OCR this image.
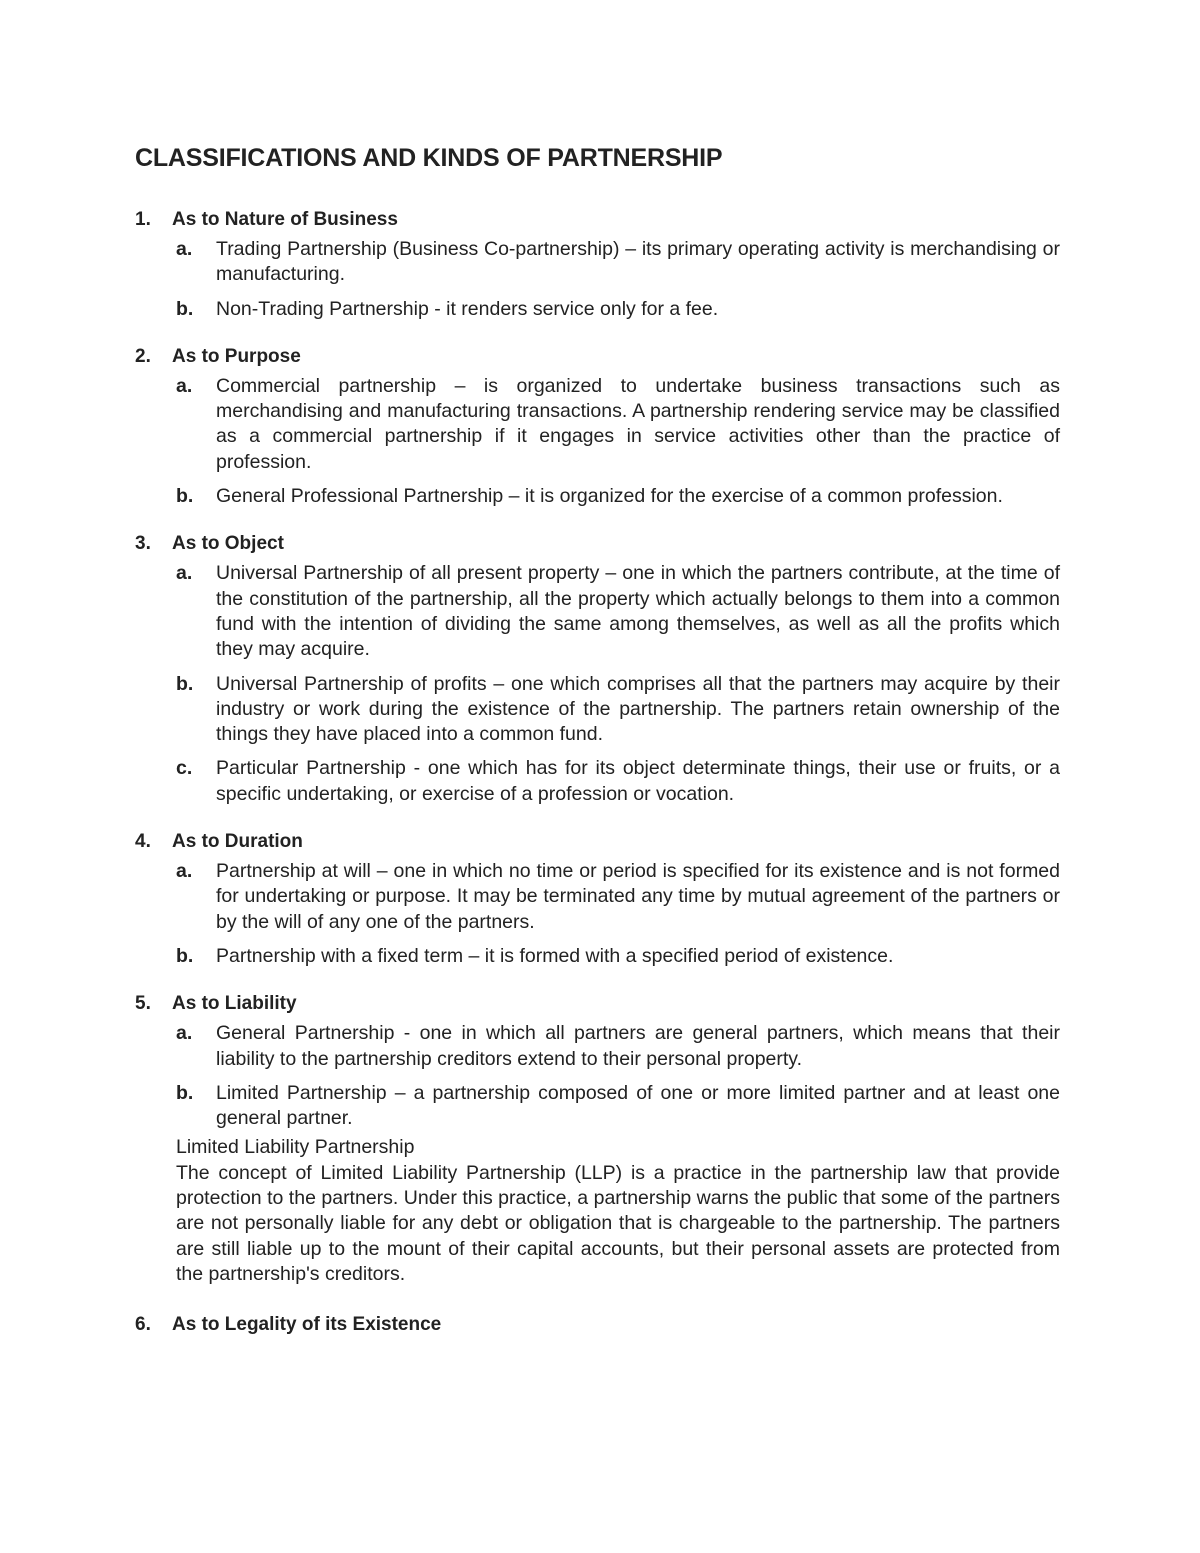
CLASSIFICATIONS AND KINDS OF PARTNERSHIP
1.	As to Nature of Business
a.	Trading Partnership (Business Co-partnership) – its primary operating activity is merchandising or manufacturing.
b.	Non-Trading Partnership - it renders service only for a fee.
2.	As to Purpose
a.	Commercial partnership – is organized to undertake business transactions such as merchandising and manufacturing transactions. A partnership rendering service may be classified as a commercial partnership if it engages in service activities other than the practice of profession.
b.	General Professional Partnership – it is organized for the exercise of a common profession.
3.	As to Object
a.	Universal Partnership of all present property – one in which the partners contribute, at the time of the constitution of the partnership, all the property which actually belongs to them into a common fund with the intention of dividing the same among themselves, as well as all the profits which they may acquire.
b.	Universal Partnership of profits – one which comprises all that the partners may acquire by their industry or work during the existence of the partnership. The partners retain ownership of the things they have placed into a common fund.
c.	Particular Partnership - one which has for its object determinate things, their use or fruits, or a specific undertaking, or exercise of a profession or vocation.
4.	As to Duration
a.	Partnership at will – one in which no time or period is specified for its existence and is not formed for undertaking or purpose. It may be terminated any time by mutual agreement of the partners or by the will of any one of the partners.
b.	Partnership with a fixed term – it is formed with a specified period of existence.
5.	As to Liability
a.	General Partnership - one in which all partners are general partners, which means that their liability to the partnership creditors extend to their personal property.
b.	Limited Partnership – a partnership composed of one or more limited partner and at least one general partner.

Limited Liability Partnership

The concept of Limited Liability Partnership (LLP) is a practice in the partnership law that provide protection to the partners. Under this practice, a partnership warns the public that some of the partners are not personally liable for any debt or obligation that is chargeable to the partnership. The partners are still liable up to the mount of their capital accounts, but their personal assets are protected from the partnership's creditors.

6.	As to Legality of its Existence
